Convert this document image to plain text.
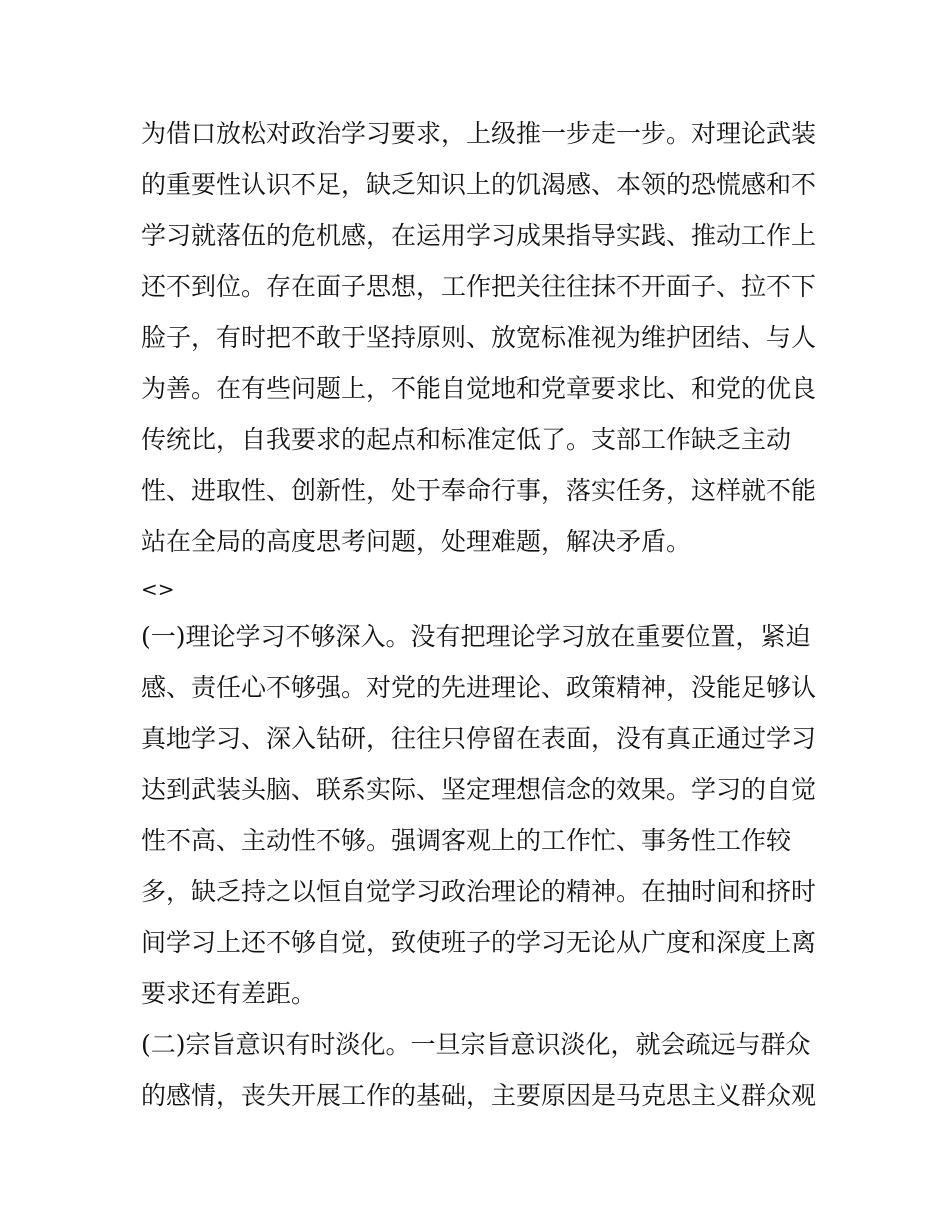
为借口放松对政治学习要求，上级推一步走一步。对理论武装
的重要性认识不足，缺乏知识上的饥渴感、本领的恐慌感和不
学习就落伍的危机感，在运用学习成果指导实践、推动工作上
还不到位。存在面子思想，工作把关往往抹不开面子、拉不下
脸子，有时把不敢于坚持原则、放宽标准视为维护团结、与人
为善。在有些问题上，不能自觉地和党章要求比、和党的优良
传统比，自我要求的起点和标准定低了。支部工作缺乏主动
性、进取性、创新性，处于奉命行事，落实任务，这样就不能
站在全局的高度思考问题，处理难题，解决矛盾。
<>
(一)理论学习不够深入。没有把理论学习放在重要位置，紧迫
感、责任心不够强。对党的先进理论、政策精神，没能足够认
真地学习、深入钻研，往往只停留在表面，没有真正通过学习
达到武装头脑、联系实际、坚定理想信念的效果。学习的自觉
性不高、主动性不够。强调客观上的工作忙、事务性工作较
多，缺乏持之以恒自觉学习政治理论的精神。在抽时间和挤时
间学习上还不够自觉，致使班子的学习无论从广度和深度上离
要求还有差距。
(二)宗旨意识有时淡化。一旦宗旨意识淡化，就会疏远与群众
的感情，丧失开展工作的基础，主要原因是马克思主义群众观
